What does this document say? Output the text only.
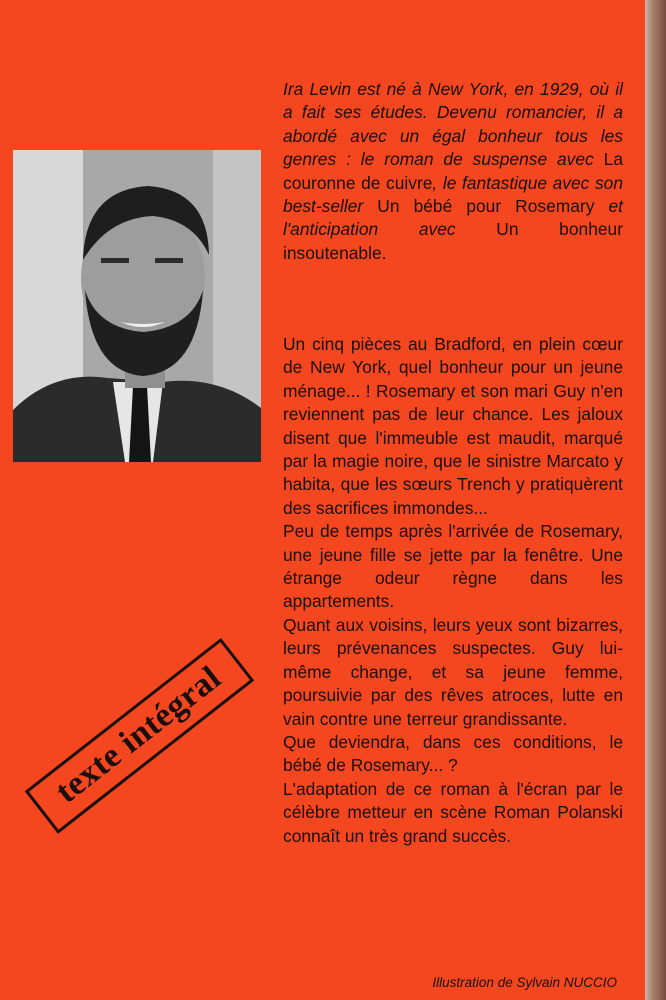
Ira Levin est né à New York, en 1929, où il a fait ses études. Devenu romancier, il a abordé avec un égal bonheur tous les genres : le roman de suspense avec La couronne de cuivre, le fantastique avec son best-seller Un bébé pour Rosemary et l'anticipation avec Un bonheur insoutenable.

Un cinq pièces au Bradford, en plein cœur de New York, quel bonheur pour un jeune ménage... ! Rosemary et son mari Guy n'en reviennent pas de leur chance. Les jaloux disent que l'immeuble est maudit, marqué par la magie noire, que le sinistre Marcato y habita, que les sœurs Trench y pratiquèrent des sacrifices immondes...

Peu de temps après l'arrivée de Rosemary, une jeune fille se jette par la fenêtre. Une étrange odeur règne dans les appartements.

Quant aux voisins, leurs yeux sont bizarres, leurs prévenances suspectes. Guy lui-même change, et sa jeune femme, poursuivie par des rêves atroces, lutte en vain contre une terreur grandissante.

Que deviendra, dans ces conditions, le bébé de Rosemary... ?

L'adaptation de ce roman à l'écran par le célèbre metteur en scène Roman Polanski connaît un très grand succès.

texte intégral
Illustration de Sylvain NUCCIO
